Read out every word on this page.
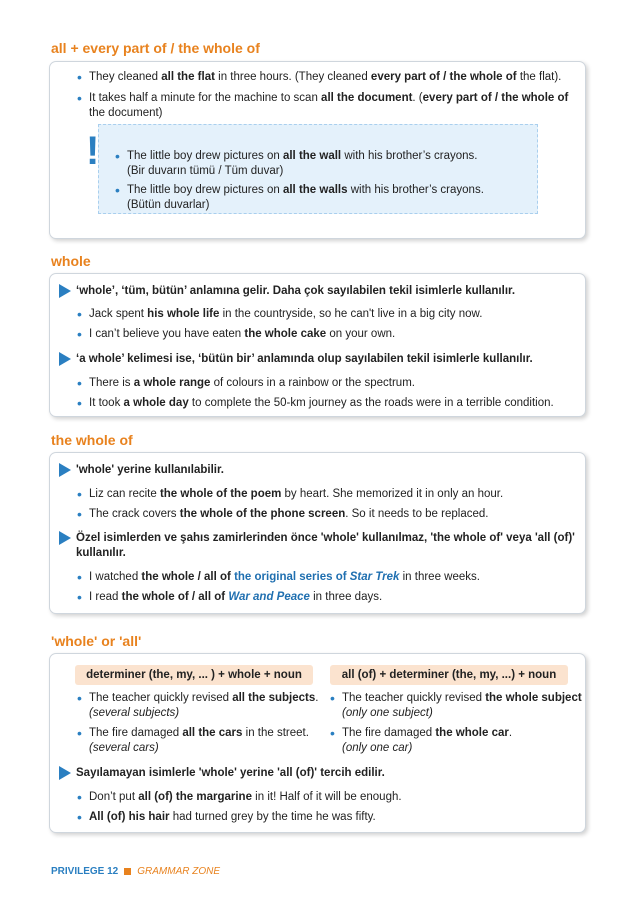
all + every part of / the whole of
• They cleaned all the flat in three hours. (They cleaned every part of / the whole of the flat).
• It takes half a minute for the machine to scan all the document. (every part of / the whole of
the document)
!	• The little boy drew pictures on all the wall with his brother’s crayons.
(Bir duvarın tümü / Tüm duvar)
• The little boy drew pictures on all the walls with his brother’s crayons.
(Bütün duvarlar)
whole
‘whole’, ‘tüm, bütün’ anlamına gelir. Daha çok sayılabilen tekil isimlerle kullanılır.
• Jack spent his whole life in the countryside, so he can't live in a big city now.
• I can’t believe you have eaten the whole cake on your own.
‘a whole’ kelimesi ise, ‘bütün bir’ anlamında olup sayılabilen tekil isimlerle kullanılır.
• There is a whole range of colours in a rainbow or the spectrum.
• It took a whole day to complete the 50-km journey as the roads were in a terrible condition.
the whole of
'whole' yerine kullanılabilir.
• Liz can recite the whole of the poem by heart. She memorized it in only an hour.
• The crack covers the whole of the phone screen. So it needs to be replaced.
Özel isimlerden ve şahıs zamirlerinden önce 'whole' kullanılmaz, 'the whole of' veya 'all (of)'
kullanılır.
• I watched the whole / all of the original series of Star Trek in three weeks.
• I read the whole of / all of War and Peace in three days.
'whole' or 'all'
determiner (the, my, ... ) + whole + noun	all (of) + determiner (the, my, ...) + noun
• The teacher quickly revised all the subjects.
(several subjects)
• The fire damaged all the cars in the street.
(several cars)
• The teacher quickly revised the whole subject
(only one subject)
• The fire damaged the whole car.
(only one car)
Sayılamayan isimlerle 'whole' yerine 'all (of)' tercih edilir.
• Don’t put all (of) the margarine in it! Half of it will be enough.
• All (of) his hair had turned grey by the time he was fifty.
PRIVILEGE 12 GRAMMAR ZONE
